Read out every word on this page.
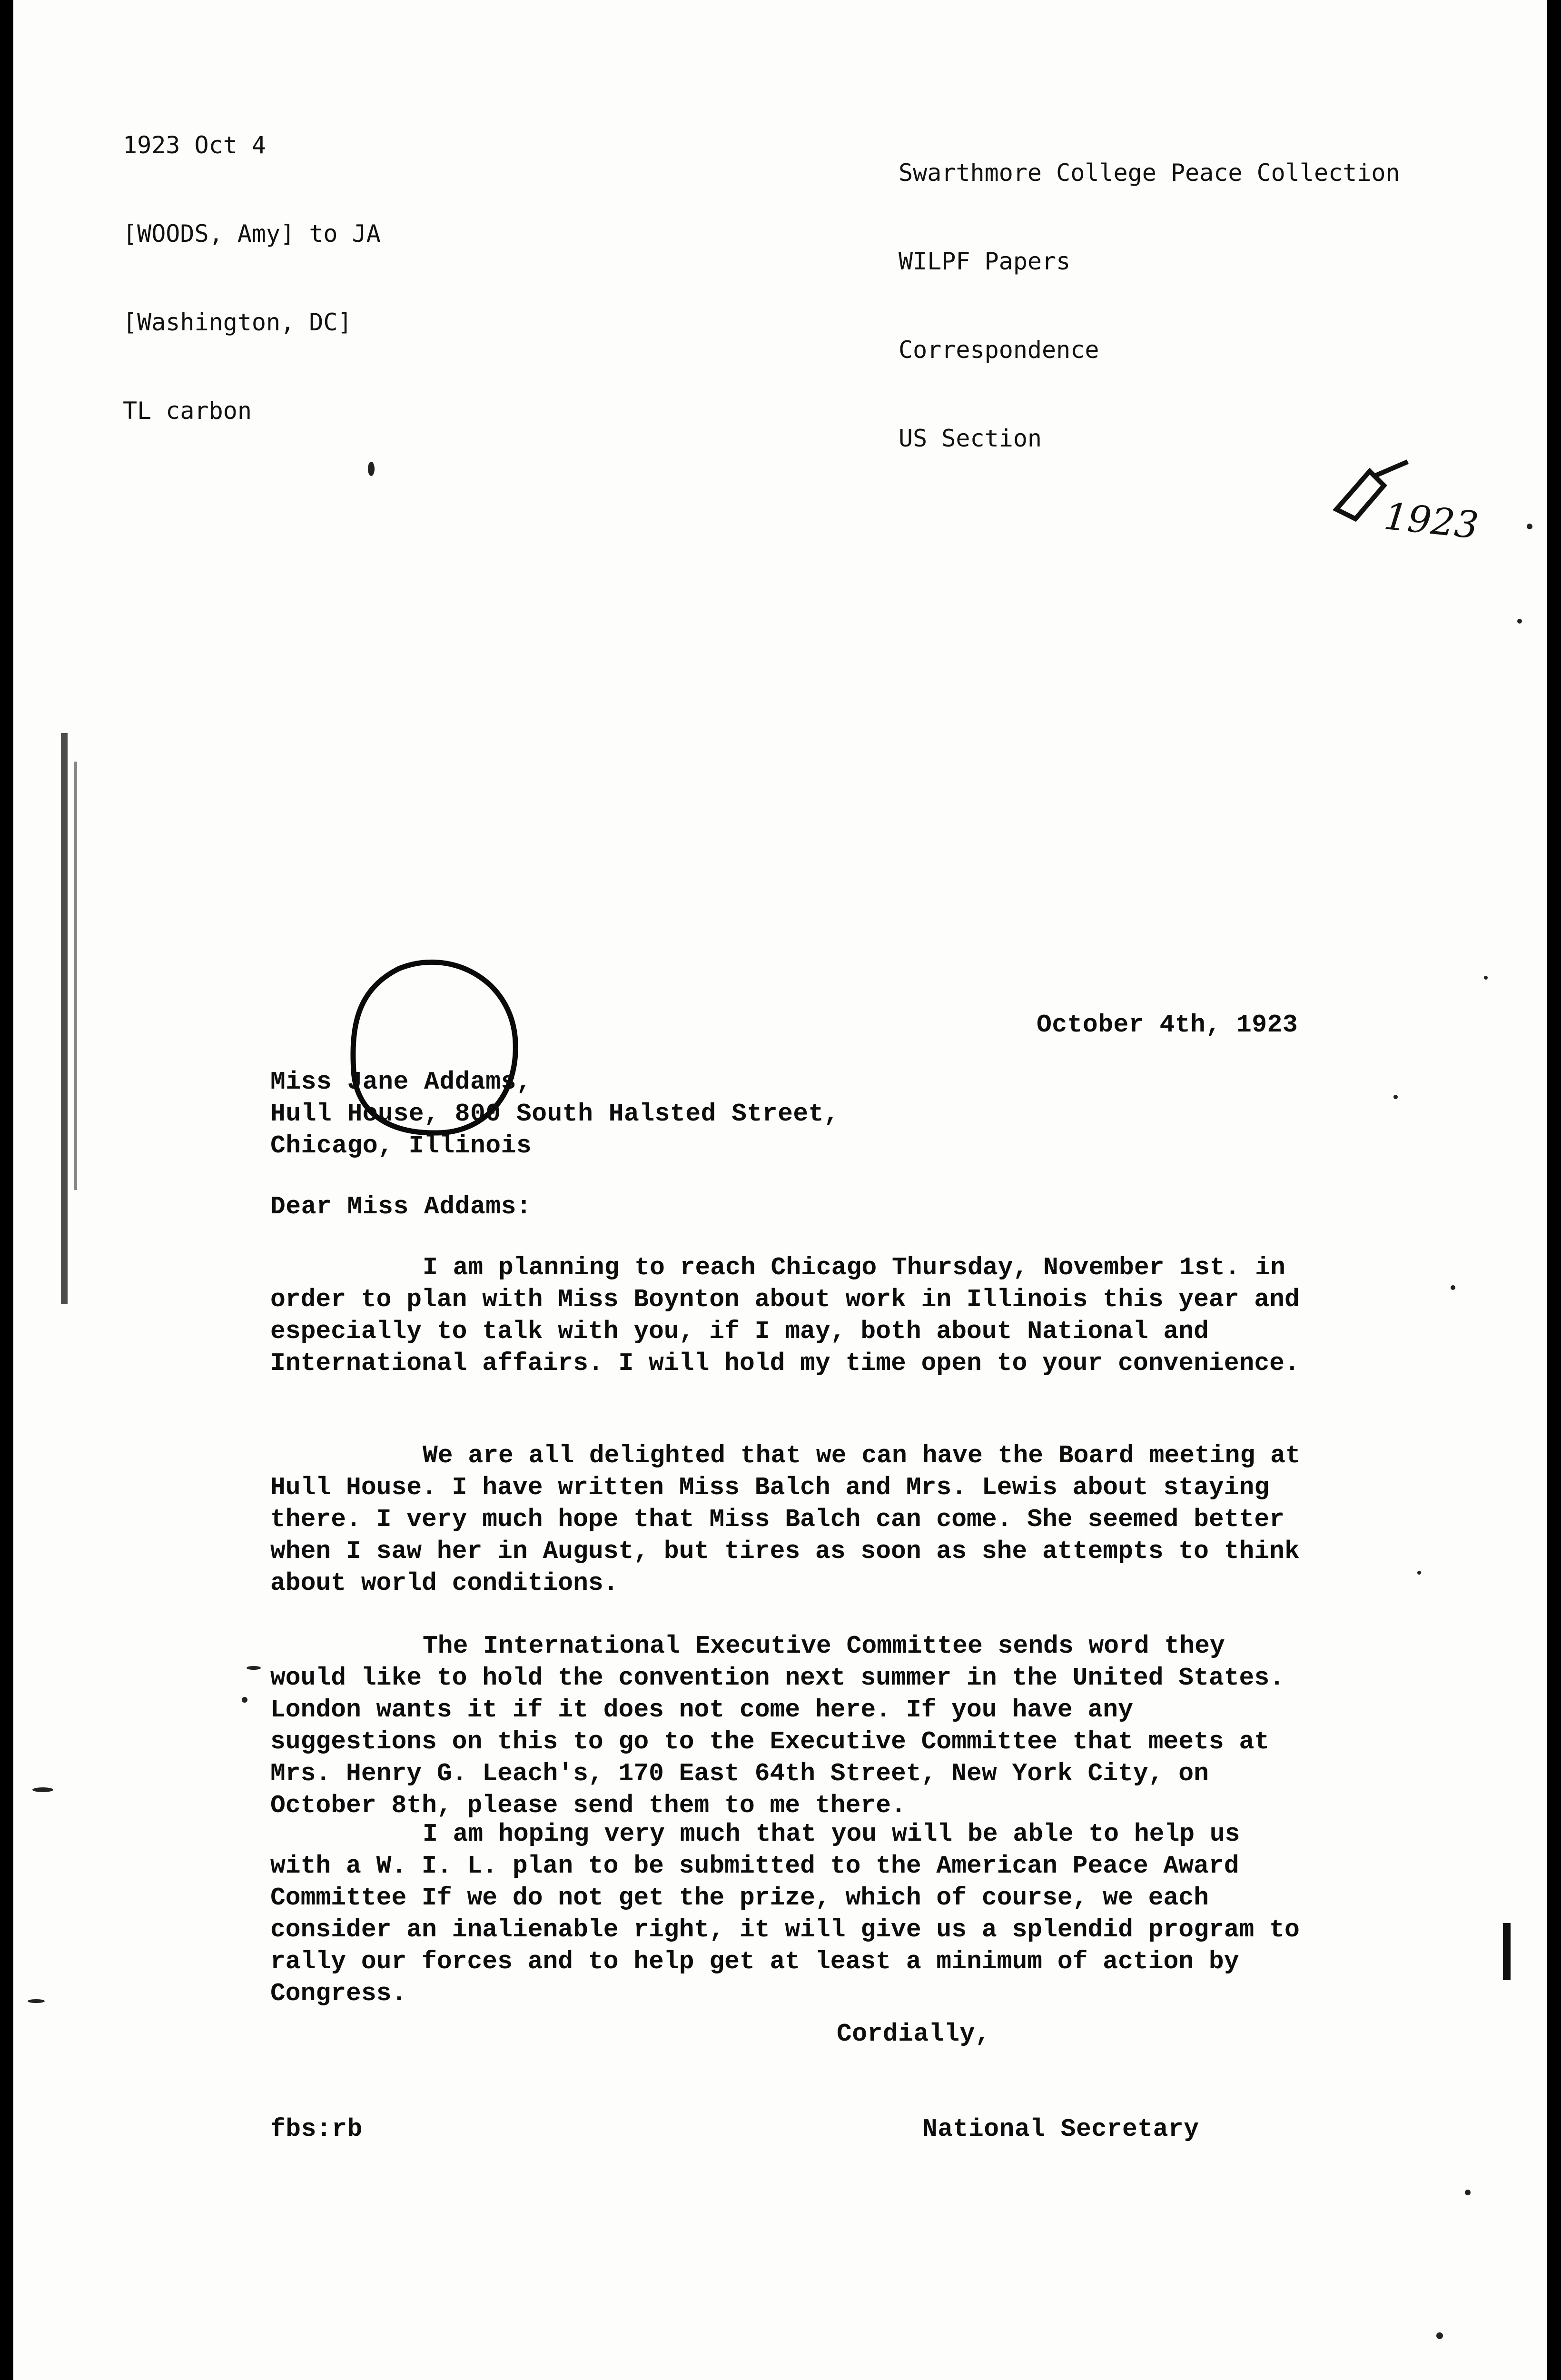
1923 Oct 4

[WOODS, Amy] to JA

[Washington, DC]

TL carbon

Swarthmore College Peace Collection

WILPF Papers

Correspondence

US Section

1923
October 4th, 1923
Miss Jane Addams,
Hull House, 800 South Halsted Street,
Chicago, Illinois
Dear Miss Addams:
I am planning to reach Chicago Thursday, November 1st. in order to plan with Miss Boynton about work in Illinois this year and especially to talk with you, if I may, both about National and International affairs. I will hold my time open to your convenience.
We are all delighted that we can have the Board meeting at Hull House. I have written Miss Balch and Mrs. Lewis about staying there. I very much hope that Miss Balch can come. She seemed better when I saw her in August, but tires as soon as she attempts to think about world conditions.
The International Executive Committee sends word they would like to hold the convention next summer in the United States. London wants it if it does not come here. If you have any suggestions on this to go to the Executive Committee that meets at Mrs. Henry G. Leach's, 170 East 64th Street, New York City, on October 8th, please send them to me there.
I am hoping very much that you will be able to help us with a W. I. L. plan to be submitted to the American Peace Award Committee If we do not get the prize, which of course, we each consider an inalienable right, it will give us a splendid program to rally our forces and to help get at least a minimum of action by Congress.
Cordially,
fbs:rb	National Secretary
